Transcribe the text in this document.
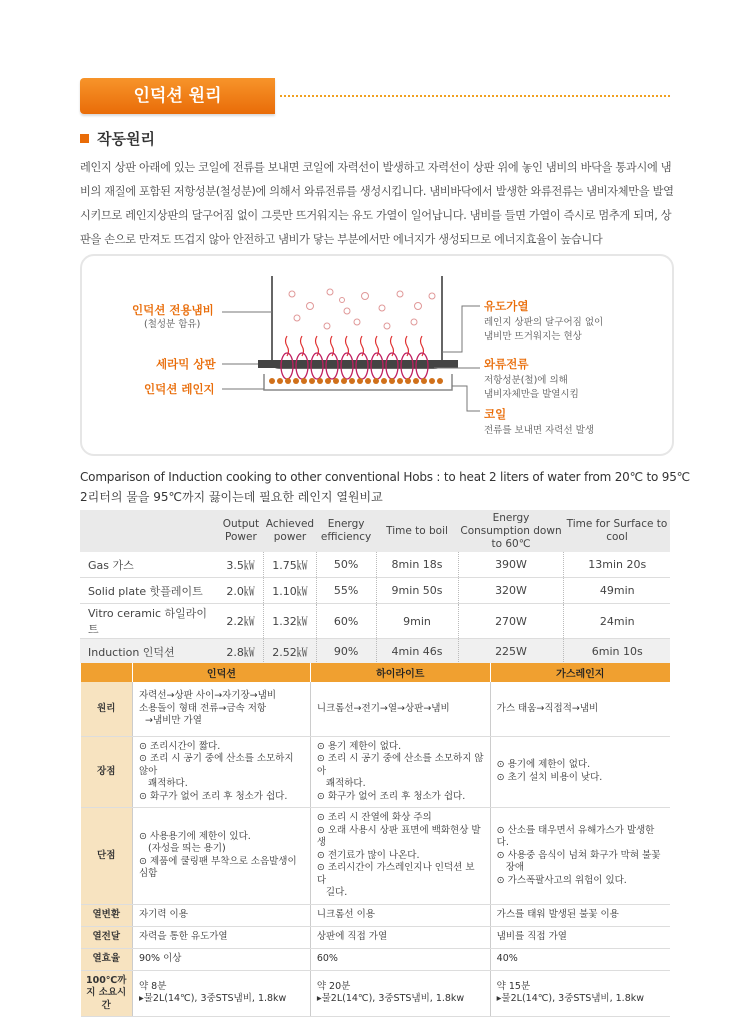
인덕션 원리
작동원리
레인지 상판 아래에 있는 코일에 전류를 보내면 코일에 자력선이 발생하고 자력선이 상판 위에 놓인 냄비의 바닥을 통과시에 냄비의 재질에 포함된 저항성분(철성분)에 의해서 와류전류를 생성시킵니다. 냄비바닥에서 발생한 와류전류는 냄비자체만을 발열 시키므로 레인지상판의 달구어짐 없이 그릇만 뜨거워지는 유도 가열이 일어납니다. 냄비를 들면 가열이 즉시로 멈추게 되며, 상판을 손으로 만져도 뜨겁지 않아 안전하고 냄비가 닿는 부분에서만 에너지가 생성되므로 에너지효율이 높습니다
인덕션 전용냄비
(철성분 함유)
세라믹 상판
인덕션 레인지
유도가열
레인지 상판의 달구어짐 없이
냄비만 뜨거워지는 현상
와류전류
저항성분(철)에 의해
냄비자체만을 발열시킴
코일
전류를 보내면 자력선 발생
Comparison of Induction cooking to other conventional Hobs : to heat 2 liters of water from 20℃ to 95℃
2리터의 물을 95℃까지 끓이는데 필요한 레인지 열원비교
	Output Power	Achieved power	Energy efficiency	Time to boil	Energy Consumption down to 60℃	Time for Surface to cool
Gas 가스	3.5㎾	1.75㎾	50%	8min 18s	390W	13min 20s
Solid plate 핫플레이트	2.0㎾	1.10㎾	55%	9min 50s	320W	49min
Vitro ceramic 하일라이트	2.2㎾	1.32㎾	60%	9min	270W	24min
Induction 인덕션	2.8㎾	2.52㎾	90%	4min 46s	225W	6min 10s
	인덕션	하이라이트	가스레인지
원리	자력선→상판 사이→자기장→냄비
소용돌이 형태 전류→금속 저항
→냄비만 가열	니크롬선→전기→열→상판→냄비	가스 태움→직접적→냄비

장점	⊙ 조리시간이 짧다.
⊙ 조리 시 공기 중에 산소를 소모하지 않아
쾌적하다.
⊙ 화구가 없어 조리 후 청소가 쉽다.	⊙ 용기 제한이 없다.
⊙ 조리 시 공기 중에 산소를 소모하지 않아
쾌적하다.
⊙ 화구가 없어 조리 후 청소가 쉽다.	⊙ 용기에 제한이 없다.
⊙ 초기 설치 비용이 낮다.

단점	⊙ 사용용기에 제한이 있다.
(자성을 띄는 용기)
⊙ 제품에 쿨링팬 부착으로 소음발생이 심함	⊙ 조리 시 잔열에 화상 주의
⊙ 오래 사용시 상판 표면에 백화현상 발생
⊙ 전기료가 많이 나온다.
⊙ 조리시간이 가스레인지나 인덕션 보다
길다.	⊙ 산소를 태우면서 유해가스가 발생한다.
⊙ 사용중 음식이 넘쳐 화구가 막혀 불꽃
장애
⊙ 가스폭팔사고의 위험이 있다.

열변환	자기력 이용	니크롬선 이용	가스를 태워 발생된 불꽃 이용
열전달	자력을 통한 유도가열	상판에 직접 가열	냄비를 직접 가열
열효율	90% 이상	60%	40%
100℃까지 소요시간	약 8분
▸물2L(14℃), 3중STS냄비, 1.8kw	약 20분
▸물2L(14℃), 3중STS냄비, 1.8kw	약 15분
▸물2L(14℃), 3중STS냄비, 1.8kw
